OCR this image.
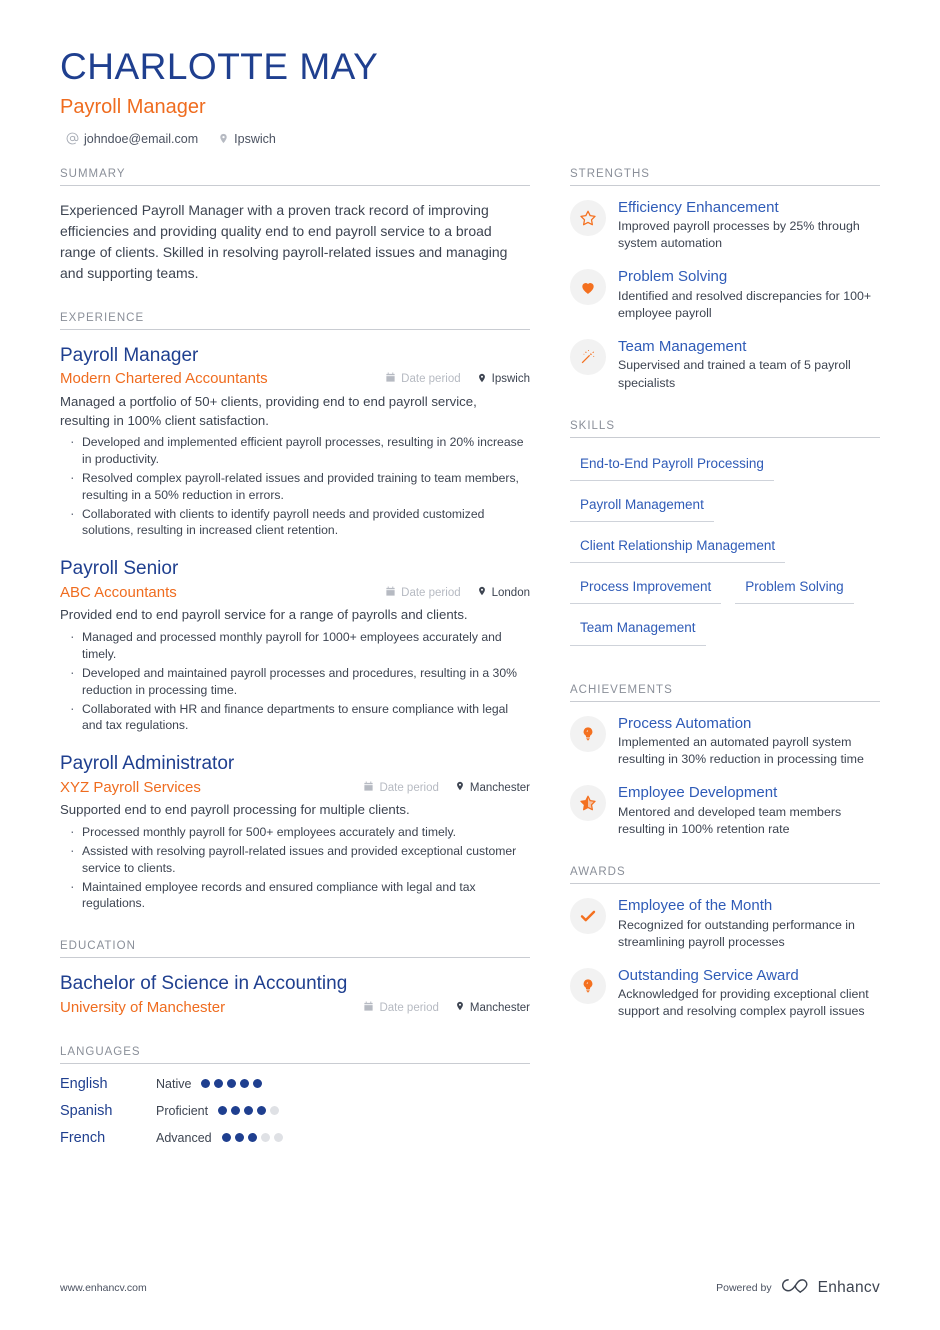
CHARLOTTE MAY
Payroll Manager
johndoe@email.com	Ipswich
SUMMARY
Experienced Payroll Manager with a proven track record of improving efficiencies and providing quality end to end payroll service to a broad range of clients. Skilled in resolving payroll-related issues and managing and supporting teams.
EXPERIENCE
Payroll Manager
Modern Chartered Accountants	Date period	Ipswich
Managed a portfolio of 50+ clients, providing end to end payroll service, resulting in 100% client satisfaction.
· Developed and implemented efficient payroll processes, resulting in 20% increase in productivity.
· Resolved complex payroll-related issues and provided training to team members, resulting in a 50% reduction in errors.
· Collaborated with clients to identify payroll needs and provided customized solutions, resulting in increased client retention.
Payroll Senior
ABC Accountants	Date period	London
Provided end to end payroll service for a range of payrolls and clients.
· Managed and processed monthly payroll for 1000+ employees accurately and timely.
· Developed and maintained payroll processes and procedures, resulting in a 30% reduction in processing time.
· Collaborated with HR and finance departments to ensure compliance with legal and tax regulations.
Payroll Administrator
XYZ Payroll Services	Date period	Manchester
Supported end to end payroll processing for multiple clients.
· Processed monthly payroll for 500+ employees accurately and timely.
· Assisted with resolving payroll-related issues and provided exceptional customer service to clients.
· Maintained employee records and ensured compliance with legal and tax regulations.
EDUCATION
Bachelor of Science in Accounting
University of Manchester	Date period	Manchester
LANGUAGES
English	Native
Spanish	Proficient
French	Advanced
STRENGTHS
Efficiency Enhancement
Improved payroll processes by 25% through system automation
Problem Solving
Identified and resolved discrepancies for 100+ employee payroll
Team Management
Supervised and trained a team of 5 payroll specialists
SKILLS
End-to-End Payroll Processing
Payroll Management
Client Relationship Management
Process Improvement	Problem Solving
Team Management
ACHIEVEMENTS
Process Automation
Implemented an automated payroll system resulting in 30% reduction in processing time
Employee Development
Mentored and developed team members resulting in 100% retention rate
AWARDS
Employee of the Month
Recognized for outstanding performance in streamlining payroll processes
Outstanding Service Award
Acknowledged for providing exceptional client support and resolving complex payroll issues
www.enhancv.com	Powered by	Enhancv
